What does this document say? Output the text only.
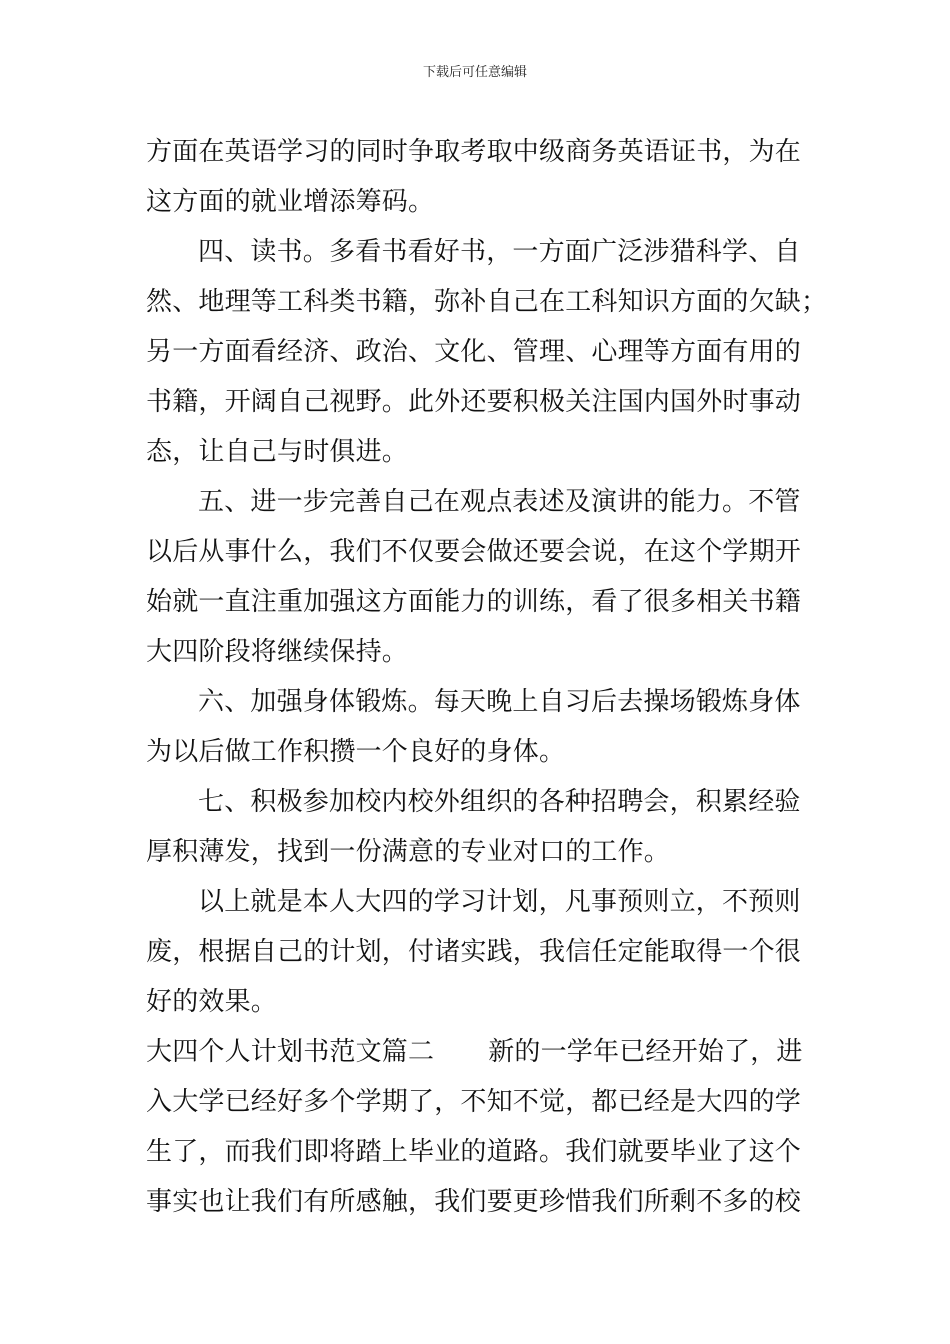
下载后可任意编辑
方面在英语学习的同时争取考取中级商务英语证书，为在
这方面的就业增添筹码。
四、读书。多看书看好书，一方面广泛涉猎科学、自
然、地理等工科类书籍，弥补自己在工科知识方面的欠缺；
另一方面看经济、政治、文化、管理、心理等方面有用的
书籍，开阔自己视野。此外还要积极关注国内国外时事动
态，让自己与时俱进。
五、进一步完善自己在观点表述及演讲的能力。不管
以后从事什么，我们不仅要会做还要会说，在这个学期开
始就一直注重加强这方面能力的训练，看了很多相关书籍
大四阶段将继续保持。
六、加强身体锻炼。每天晚上自习后去操场锻炼身体
为以后做工作积攒一个良好的身体。
七、积极参加校内校外组织的各种招聘会，积累经验
厚积薄发，找到一份满意的专业对口的工作。
以上就是本人大四的学习计划，凡事预则立，不预则
废，根据自己的计划，付诸实践，我信任定能取得一个很
好的效果。
大四个人计划书范文篇二 新的一学年已经开始了，进
入大学已经好多个学期了，不知不觉，都已经是大四的学
生了，而我们即将踏上毕业的道路。我们就要毕业了这个
事实也让我们有所感触，我们要更珍惜我们所剩不多的校
